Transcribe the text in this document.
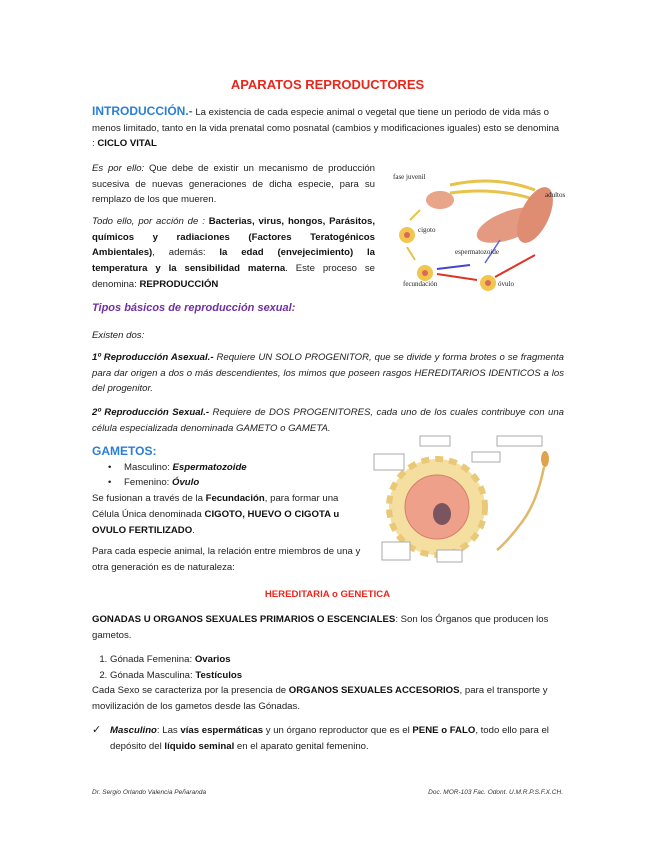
APARATOS REPRODUCTORES
INTRODUCCIÓN.- La existencia de cada especie animal o vegetal que tiene un periodo de vida más o menos limitado, tanto en la vida prenatal como posnatal (cambios y modificaciones iguales) esto se denomina : CICLO VITAL
Es por ello: Que debe de existir un mecanismo de producción sucesiva de nuevas generaciones de dicha especie, para su remplazo de los que mueren.
Todo ello, por acción de : Bacterias, virus, hongos, Parásitos, químicos y radiaciones (Factores Teratogénicos Ambientales), además: la edad (envejecimiento) la temperatura y la sensibilidad materna. Este proceso se denomina: REPRODUCCIÓN
fase juvenil
adultos
cigoto
espermatozoide
fecundación	óvulo
Tipos básicos de reproducción sexual:
Existen dos:
1º Reproducción Asexual.- Requiere UN SOLO PROGENITOR, que se divide y forma brotes o se fragmenta para dar origen a dos o más descendientes, los mimos que poseen rasgos HEREDITARIOS IDENTICOS a los del progenitor.
2º Reproducción Sexual.- Requiere de DOS PROGENITORES, cada uno de los cuales contribuye con una célula especializada denominada GAMETO o GAMETA.
GAMETOS:
• Masculino: Espermatozoide
• Femenino: Óvulo
Se fusionan a través de la Fecundación, para formar una Célula Única denominada CIGOTO, HUEVO O CIGOTA u OVULO FERTILIZADO.
Para cada especie animal, la relación entre miembros de una y otra generación es de naturaleza:
HEREDITARIA o GENETICA
GONADAS U ORGANOS SEXUALES PRIMARIOS O ESCENCIALES: Son los Órganos que producen los gametos.
1. Gónada Femenina: Ovarios
2. Gónada Masculina: Testículos
Cada Sexo se caracteriza por la presencia de ORGANOS SEXUALES ACCESORIOS, para el transporte y movilización de los gametos desde las Gónadas.
✓ Masculino: Las vías espermáticas y un órgano reproductor que es el PENE o FALO, todo ello para el depósito del líquido seminal en el aparato genital femenino.
Dr. Sergio Orlando Valencia Peñaranda	Doc. MOR-103 Fac. Odont. U.M.R.P.S.F.X.CH.
